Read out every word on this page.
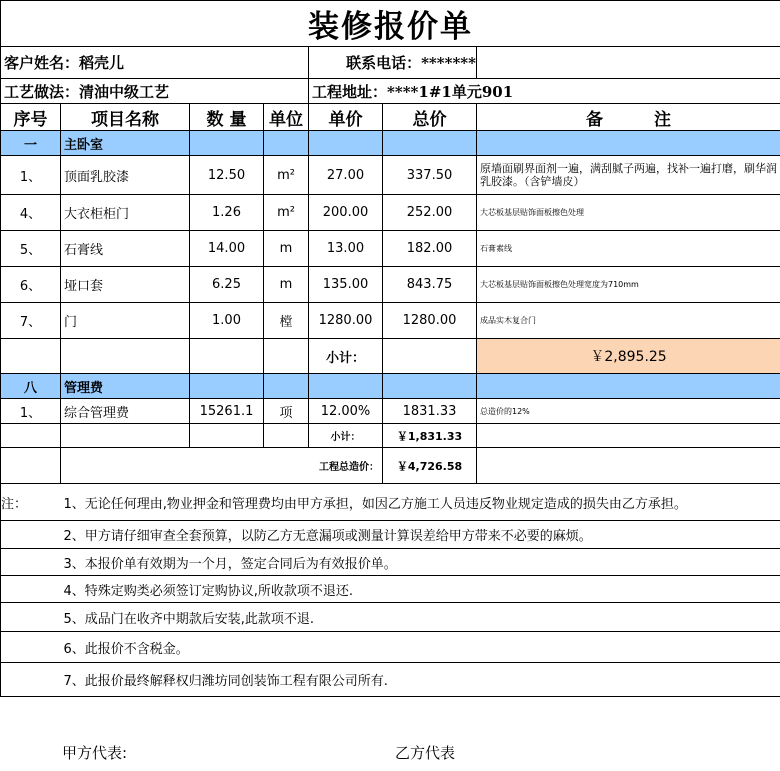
装修报价单						
客户姓名：稻壳儿				联系电话：*******		
工艺做法：清油中级工艺				工程地址：****1#1单元901		
序号	项目名称	数 量	单位	单价	总价	备　　　注
一	主卧室					
1、	顶面乳胶漆	12.50	m²	27.00	337.50	原墙面刷界面剂一遍，满刮腻子两遍，找补一遍打磨，刷华润乳胶漆。（含铲墙皮）
4、	大衣柜柜门	1.26	m²	200.00	252.00	大芯板基层贴饰面板擦色处理
5、	石膏线	14.00	m	13.00	182.00	石膏素线
6、	垭口套	6.25	m	135.00	843.75	大芯板基层贴饰面板擦色处理宽度为710mm
7、	门	1.00	樘	1280.00	1280.00	成品实木复合门
				小计：		￥2,895.25
八	管理费					
1、	综合管理费	15261.1	项	12.00%	1831.33	总造价的12%
				小计：	￥1,831.33	
	工程总造价：				￥4,726.58	
注：	1、无论任何理由,物业押金和管理费均由甲方承担，如因乙方施工人员违反物业规定造成的损失由乙方承担。					
	2、甲方请仔细审查全套预算，以防乙方无意漏项或测量计算误差给甲方带来不必要的麻烦。					
	3、本报价单有效期为一个月，签定合同后为有效报价单。					
	4、特殊定购类必须签订定购协议,所收款项不退还.					
	5、成品门在收齐中期款后安装,此款项不退.					
	6、此报价不含税金。					
	7、此报价最终解释权归潍坊同创装饰工程有限公司所有.					
甲方代表:	乙方代表
